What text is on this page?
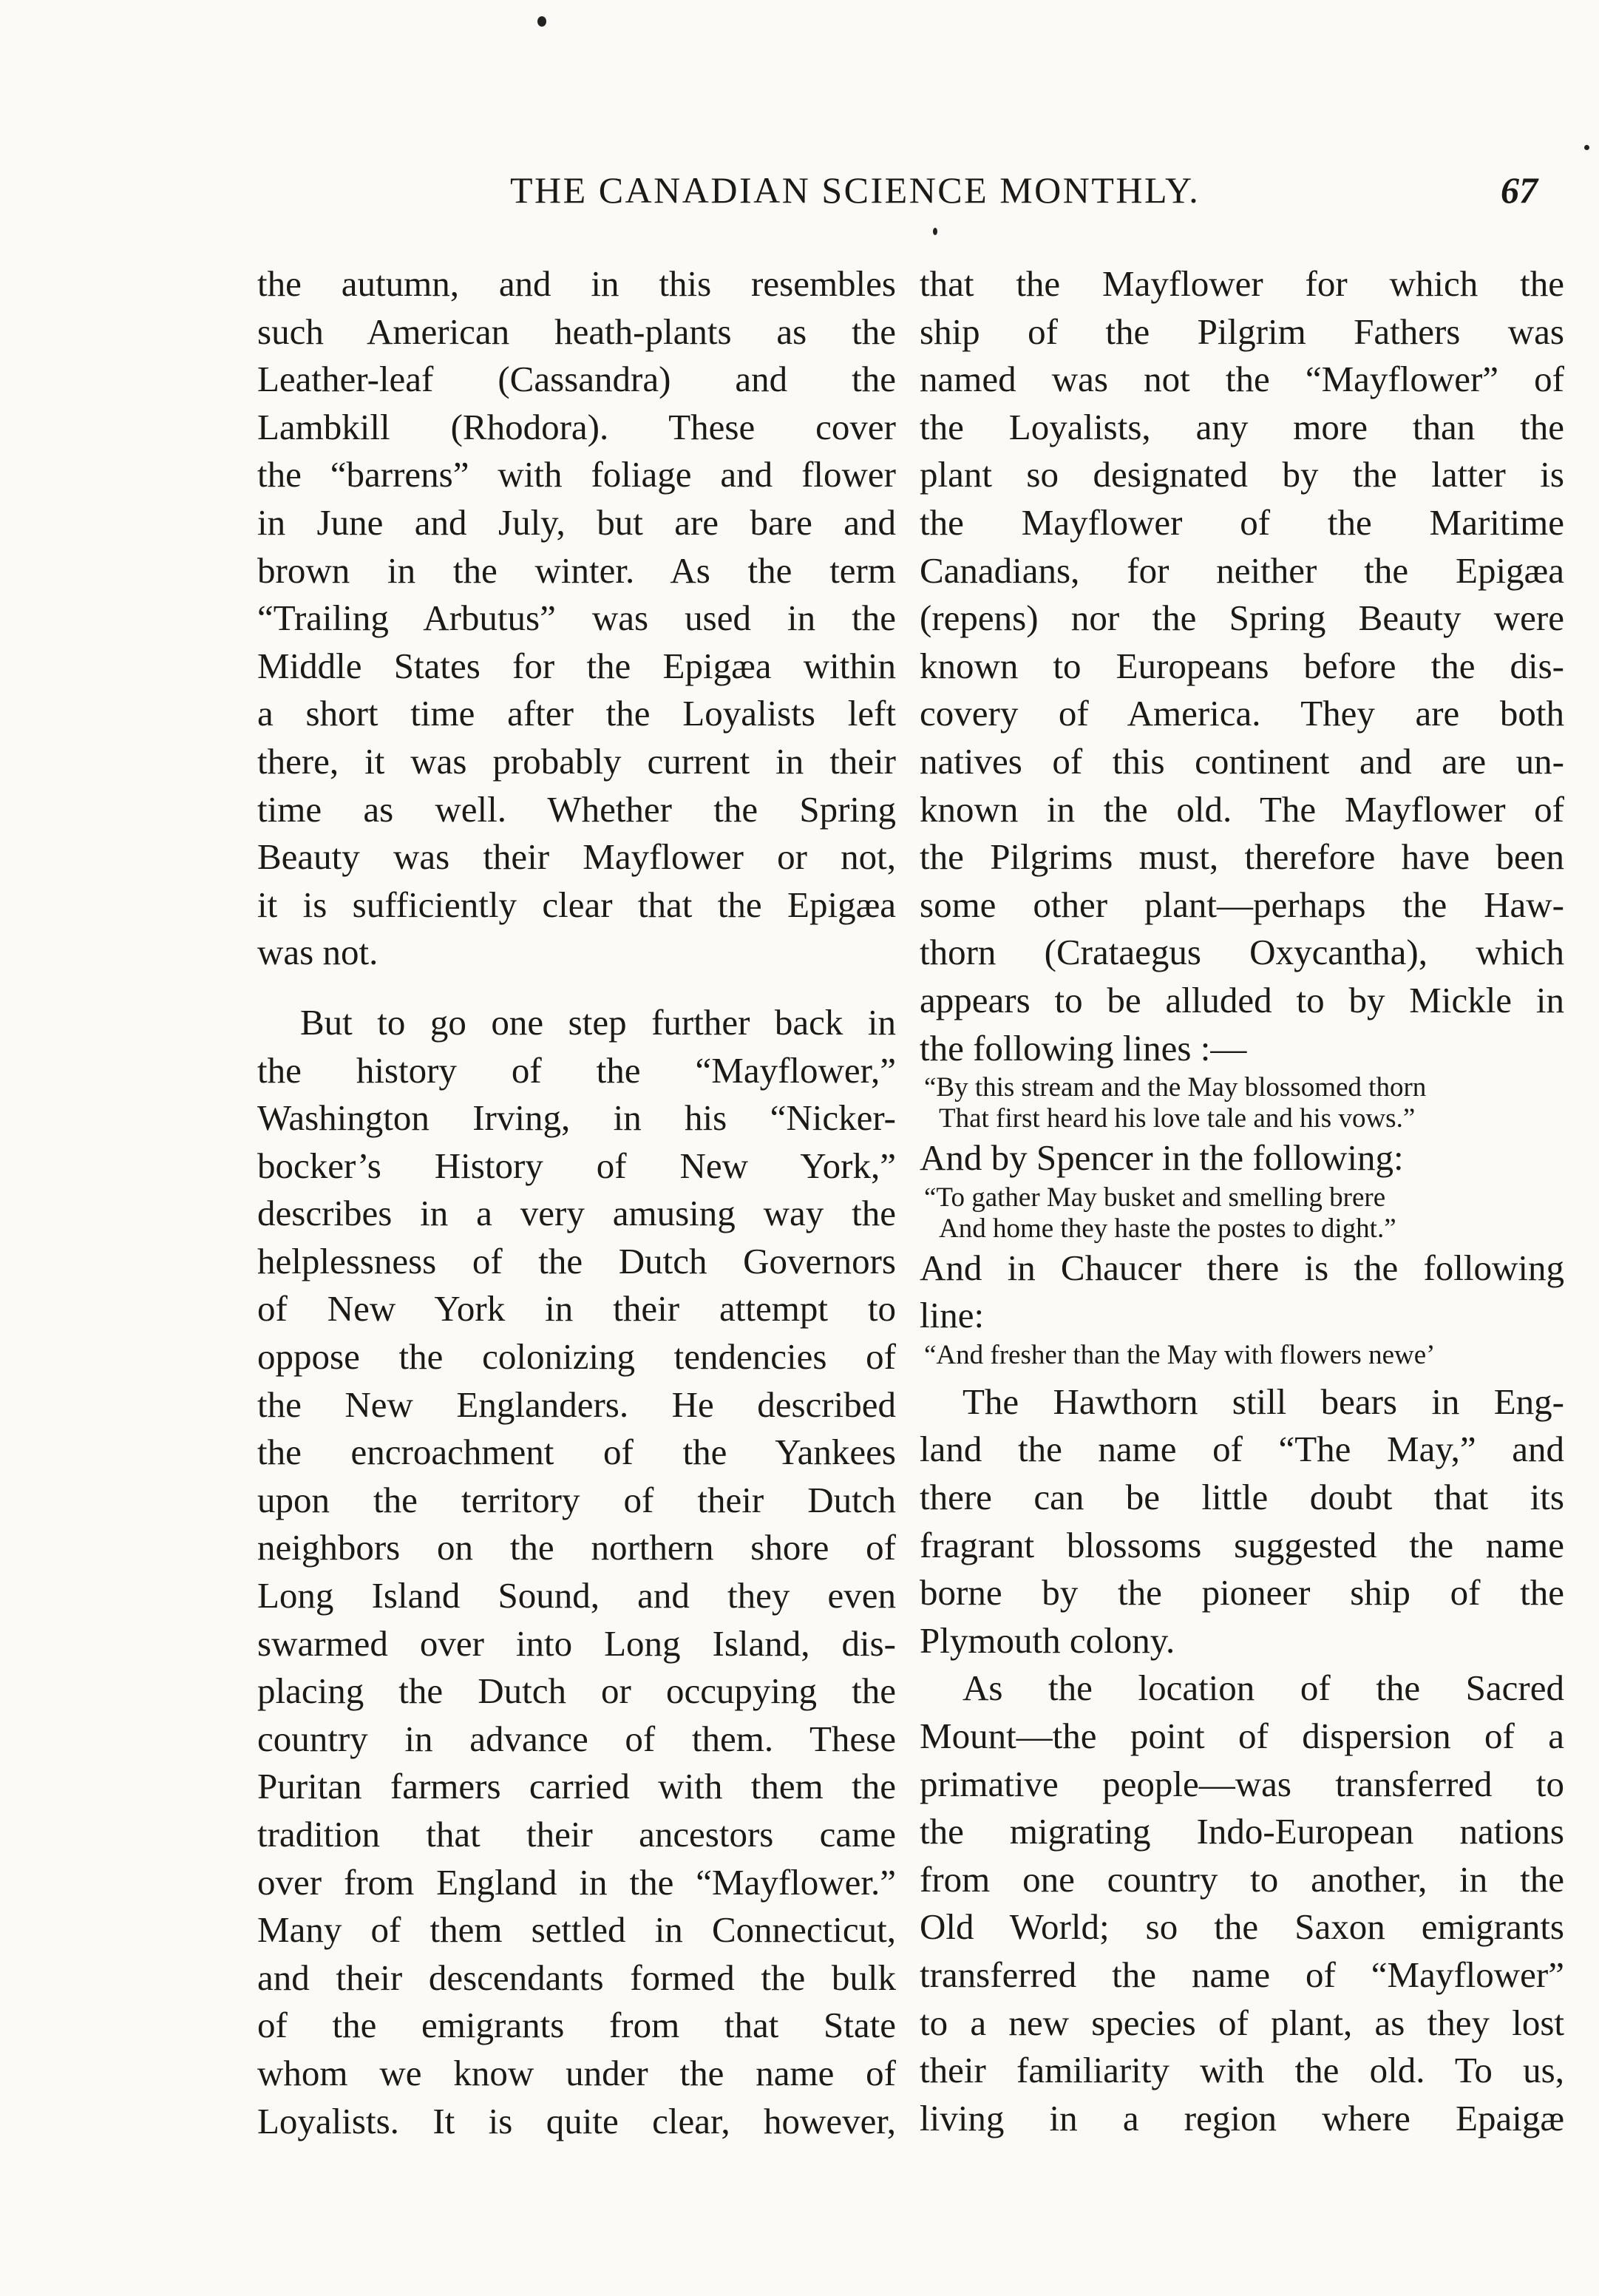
THE CANADIAN SCIENCE MONTHLY.	67
the autumn, and in this resembles
such American heath-plants as the
Leather-leaf (Cassandra) and the
Lambkill (Rhodora). These cover
the “barrens” with foliage and flower
in June and July, but are bare and
brown in the winter. As the term
“Trailing Arbutus” was used in the
Middle States for the Epigæa within
a short time after the Loyalists left
there, it was probably current in their
time as well. Whether the Spring
Beauty was their Mayflower or not,
it is sufficiently clear that the Epigæa
was not.
But to go one step further back in
the history of the “Mayflower,”
Washington Irving, in his “Nicker-
bocker’s History of New York,”
describes in a very amusing way the
helplessness of the Dutch Governors
of New York in their attempt to
oppose the colonizing tendencies of
the New Englanders. He described
the encroachment of the Yankees
upon the territory of their Dutch
neighbors on the northern shore of
Long Island Sound, and they even
swarmed over into Long Island, dis-
placing the Dutch or occupying the
country in advance of them. These
Puritan farmers carried with them the
tradition that their ancestors came
over from England in the “Mayflower.”
Many of them settled in Connecticut,
and their descendants formed the bulk
of the emigrants from that State
whom we know under the name of
Loyalists. It is quite clear, however,
that the Mayflower for which the
ship of the Pilgrim Fathers was
named was not the “Mayflower” of
the Loyalists, any more than the
plant so designated by the latter is
the Mayflower of the Maritime
Canadians, for neither the Epigæa
(repens) nor the Spring Beauty were
known to Europeans before the dis-
covery of America. They are both
natives of this continent and are un-
known in the old. The Mayflower of
the Pilgrims must, therefore have been
some other plant—perhaps the Haw-
thorn (Crataegus Oxycantha), which
appears to be alluded to by Mickle in
the following lines :—
“By this stream and the May blossomed thorn
That first heard his love tale and his vows.”
And by Spencer in the following:
“To gather May busket and smelling brere
And home they haste the postes to dight.”
And in Chaucer there is the following
line:
“And fresher than the May with flowers newe’
The Hawthorn still bears in Eng-
land the name of “The May,” and
there can be little doubt that its
fragrant blossoms suggested the name
borne by the pioneer ship of the
Plymouth colony.
As the location of the Sacred
Mount—the point of dispersion of a
primative people—was transferred to
the migrating Indo-European nations
from one country to another, in the
Old World; so the Saxon emigrants
transferred the name of “Mayflower”
to a new species of plant, as they lost
their familiarity with the old. To us,
living in a region where Epaigæ
